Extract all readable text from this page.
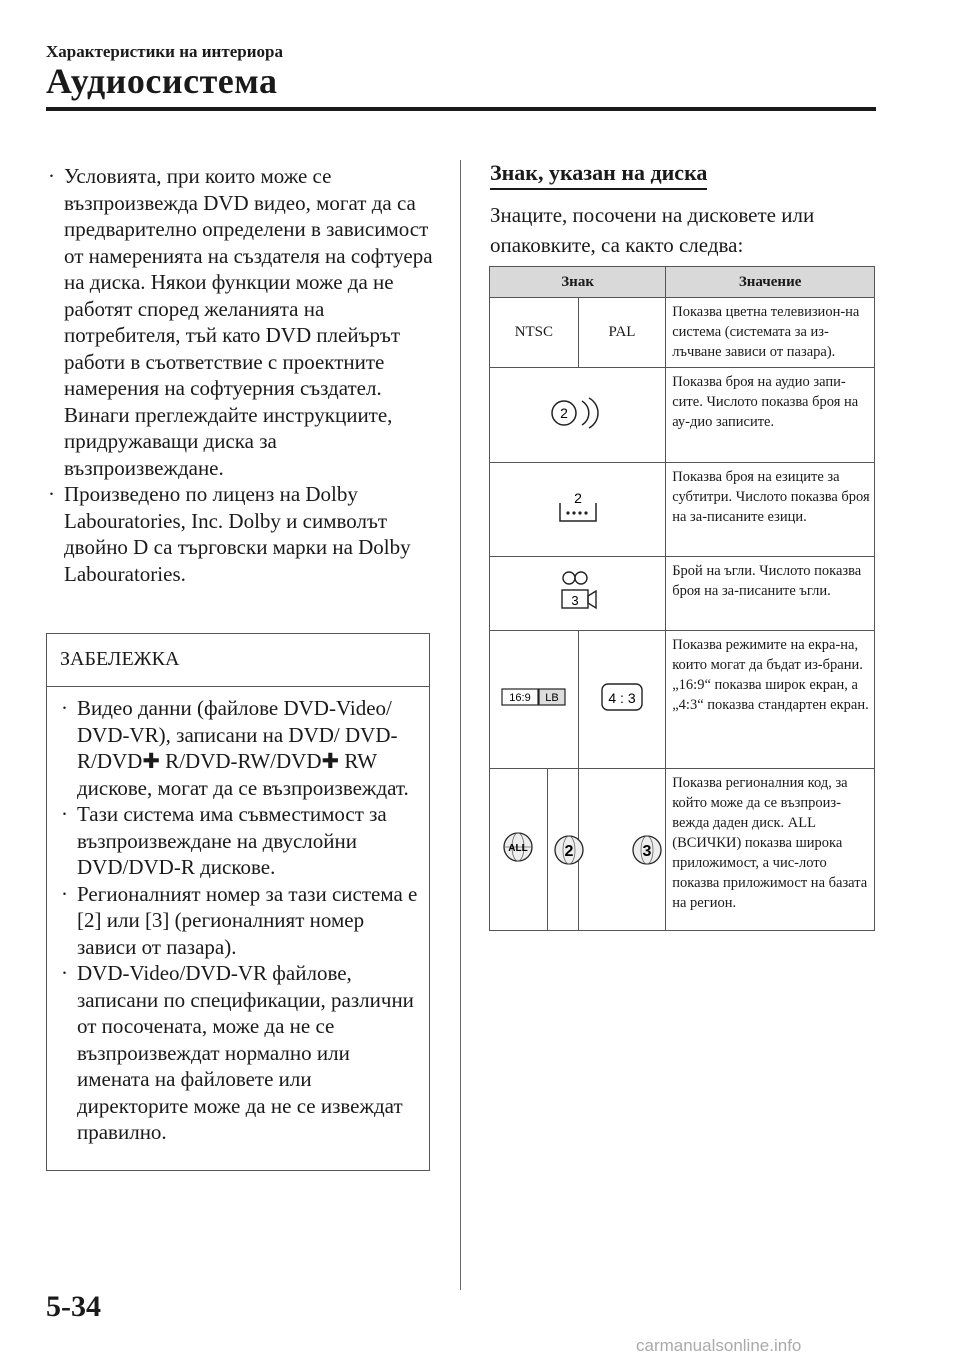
Характеристики на интериора
Аудиосистема
· Условията, при които може се възпроизвежда DVD видео, могат да са предварително определени в зависимост от намеренията на създателя на софтуера на диска. Някои функции може да не работят според желанията на потребителя, тъй като DVD плейърът работи в съответствие с проектните намерения на софтуерния създател. Винаги преглеждайте инструкциите, придружаващи диска за възпроизвеждане.
· Произведено по лиценз на Dolby Labouratories, Inc. Dolby и символът двойно D са търговски марки на Dolby Labouratories.
ЗАБЕЛЕЖКА
· Видео данни (файлове DVD-Video/ DVD-VR), записани на DVD/ DVD-R/DVD✚ R/DVD-RW/DVD✚ RW дискове, могат да се възпроизвеждат.
· Тази система има съвместимост за възпроизвеждане на двуслойни DVD/DVD-R дискове.
· Регионалният номер за тази система е [2] или [3] (регионалният номер зависи от пазара).
· DVD-Video/DVD-VR файлове, записани по спецификации, различни от посочената, може да не се възпроизвеждат нормално или имената на файловете или директорите може да не се извеждат правилно.
Знак, указан на диска
Знаците, посочени на дисковете или опаковките, са както следва:
Знак			Значение
NTSC		PAL	Показва цветна телевизион-на система (системата за из-лъчване зависи от пазара).

2			Показва броя на аудио запи-сите. Числото показва броя на ау-дио записите.

2			Показва броя на езиците за субтитри. Числото показва броя на за-писаните езици.

3			Брой на ъгли. Числото показва броя на за-писаните ъгли.

16:9 LB		4 : 3	Показва режимите на екра-на, които могат да бъдат из-брани. „16:9“ показва широк екран, а „4:3“ показва стандартен екран.

ALL		2 3	Показва регионалния код, за който може да се възпроиз-вежда даден диск. ALL (ВСИЧКИ) показва широка приложимост, а чис-лото показва приложимост на базата на регион.
5-34
carmanualsonline.info
